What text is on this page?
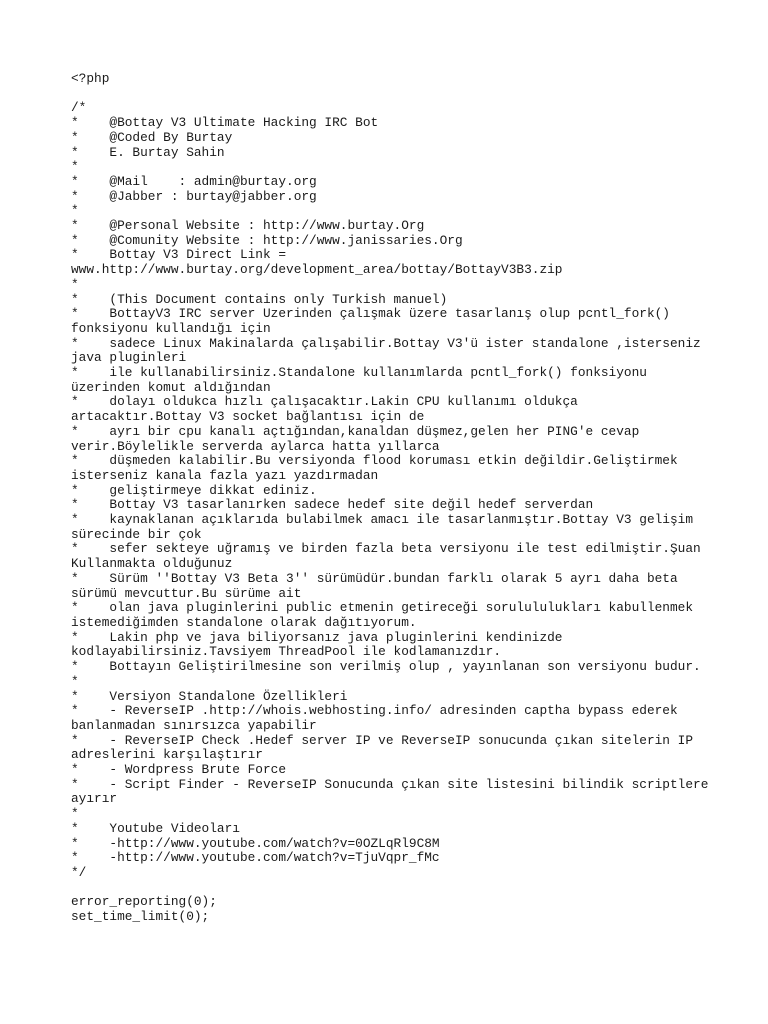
<?php
/*
*    @Bottay V3 Ultimate Hacking IRC Bot
*    @Coded By Burtay
*    E. Burtay Sahin
*
*    @Mail    : admin@burtay.org
*    @Jabber : burtay@jabber.org
*
*    @Personal Website : http://www.burtay.Org
*    @Comunity Website : http://www.janissaries.Org
*    Bottay V3 Direct Link =
www.http://www.burtay.org/development_area/bottay/BottayV3B3.zip
*
*    (This Document contains only Turkish manuel)
*    BottayV3 IRC server Uzerinden çalışmak üzere tasarlanış olup pcntl_fork()
fonksiyonu kullandığı için
*    sadece Linux Makinalarda çalışabilir.Bottay V3'ü ister standalone ,isterseniz
java pluginleri
*    ile kullanabilirsiniz.Standalone kullanımlarda pcntl_fork() fonksiyonu
üzerinden komut aldığından
*    dolayı oldukca hızlı çalışacaktır.Lakin CPU kullanımı oldukça
artacaktır.Bottay V3 socket bağlantısı için de
*    ayrı bir cpu kanalı açtığından,kanaldan düşmez,gelen her PING'e cevap
verir.Böylelikle serverda aylarca hatta yıllarca
*    düşmeden kalabilir.Bu versiyonda flood koruması etkin değildir.Geliştirmek
isterseniz kanala fazla yazı yazdırmadan
*    geliştirmeye dikkat ediniz.
*    Bottay V3 tasarlanırken sadece hedef site değil hedef serverdan
*    kaynaklanan açıklarıda bulabilmek amacı ile tasarlanmıştır.Bottay V3 gelişim
sürecinde bir çok
*    sefer sekteye uğramış ve birden fazla beta versiyonu ile test edilmiştir.Şuan
Kullanmakta olduğunuz
*    Sürüm ''Bottay V3 Beta 3'' sürümüdür.bundan farklı olarak 5 ayrı daha beta
sürümü mevcuttur.Bu sürüme ait
*    olan java pluginlerini public etmenin getireceği sorulululukları kabullenmek
istemediğimden standalone olarak dağıtıyorum.
*    Lakin php ve java biliyorsanız java pluginlerini kendinizde
kodlayabilirsiniz.Tavsiyem ThreadPool ile kodlamanızdır.
*    Bottayın Geliştirilmesine son verilmiş olup , yayınlanan son versiyonu budur.
*
*    Versiyon Standalone Özellikleri
*    - ReverseIP .http://whois.webhosting.info/ adresinden captha bypass ederek
banlanmadan sınırsızca yapabilir
*    - ReverseIP Check .Hedef server IP ve ReverseIP sonucunda çıkan sitelerin IP
adreslerini karşılaştırır
*    - Wordpress Brute Force
*    - Script Finder - ReverseIP Sonucunda çıkan site listesini bilindik scriptlere
ayırır
*
*    Youtube Videoları
*    -http://www.youtube.com/watch?v=0OZLqRl9C8M
*    -http://www.youtube.com/watch?v=TjuVqpr_fMc
*/
error_reporting(0);
set_time_limit(0);
